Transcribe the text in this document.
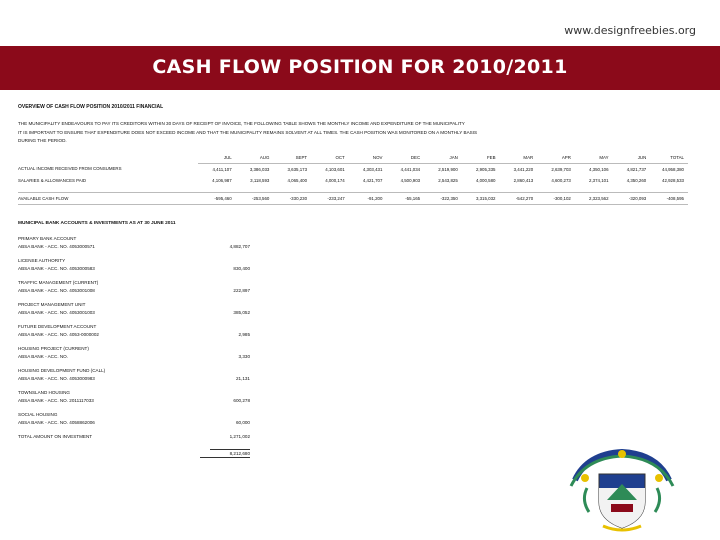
www.designfreebies.org
CASH FLOW POSITION FOR 2010/2011
OVERVIEW OF CASH FLOW POSITION 2010/2011 FINANCIAL
THE MUNICIPALITY ENDEAVOURS TO PAY ITS CREDITORS WITHIN 30 DAYS OF RECEIPT OF INVOICE, THE FOLLOWING TABLE SHOWS THE MONTHLY INCOME AND EXPENDITURE OF THE MUNICIPALITY
IT IS IMPORTANT TO ENSURE THAT EXPENDITURE DOES NOT EXCEED INCOME AND THAT THE MUNICIPALITY REMAINS SOLVENT AT ALL TIMES. THE CASH POSITION WAS MONITORED ON A MONTHLY BASIS
DURING THE PERIOD.
	JUL	AUG	SEPT	OCT	NOV	DEC	JAN	FEB	MAR	APR	MAY	JUN	TOTAL
ACTUAL INCOME RECEIVED FROM CONSUMERS	4,411,107	3,386,033	3,635,173	4,103,601	4,303,431	4,441,034	2,519,900	2,905,335	3,441,220	2,639,703	4,350,106	4,821,737	44,958,380
SALARIES & ALLOWANCES PAID	4,106,987	3,118,593	4,065,400	4,000,174	4,421,707	4,500,903	2,543,825	4,000,580	2,860,413	4,600,273	2,374,101	4,350,260	42,928,533

AVAILABLE CASH FLOW	-595,460	-253,560	-330,230	-233,247	-91,200	-55,165	-322,350	3,315,032	-542,270	-300,102	2,323,562	-320,093	-408,595
MUNICIPAL BANK ACCOUNTS & INVESTMENTS AS AT 30 JUNE 2011
PRIMARY BANK ACCOUNT
ABSA BANK - ACC. NO. 4053000571	4,882,707
LICENSE AUTHORITY
ABSA BANK - ACC. NO. 4053000583	830,400
TRAFFIC MANAGEMENT (CURRENT)
ABSA BANK - ACC. NO. 4053001008	222,897
PROJECT MANAGEMENT UNIT
ABSA BANK - ACC. NO. 4053001003	385,052
FUTURE DEVELOPMENT ACCOUNT
ABSA BANK - ACC. NO. 4053-0000002	2,985
HOUSING PROJECT (CURRENT)
ABSA BANK - ACC. NO.	3,330
HOUSING DEVELOPMENT FUND (CALL)
ABSA BANK - ACC. NO. 4053000983	21,131
TOWNSLAND HOUSING
ABSA BANK - ACC. NO. 2011117033	600,278
SOCIAL HOUSING
ABSA BANK - ACC. NO. 4058862006	60,000
TOTAL AMOUNT ON INVESTMENT	1,271,002
8,212,680
